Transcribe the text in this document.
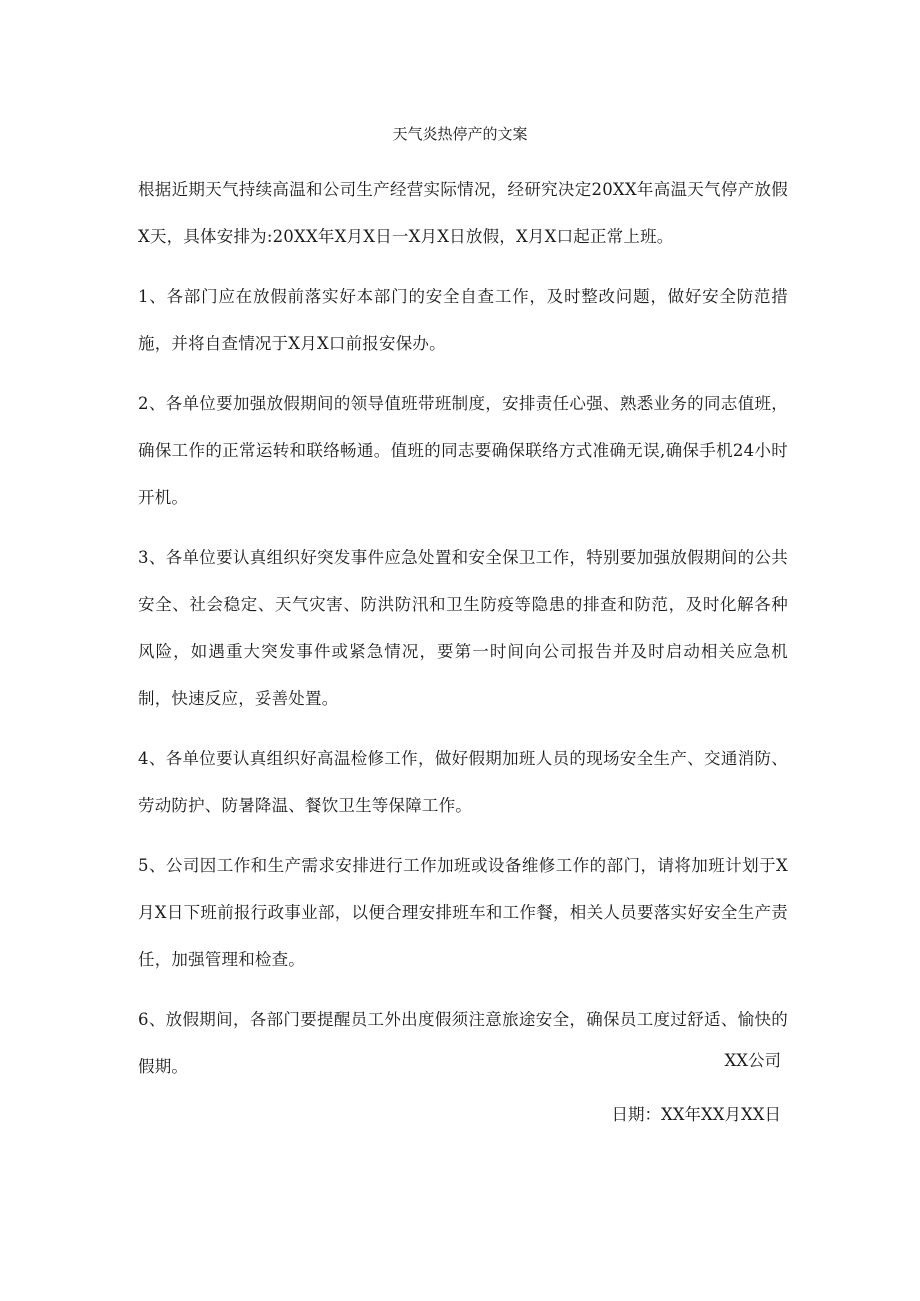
天气炎热停产的文案

根据近期天气持续高温和公司生产经营实际情况，经研究决定20XX年高温天气停产放假X天，具体安排为:20XX年X月X日一X月X日放假，X月X口起正常上班。

1、各部门应在放假前落实好本部门的安全自查工作，及时整改问题，做好安全防范措施，并将自查情况于X月X口前报安保办。

2、各单位要加强放假期间的领导值班带班制度，安排责任心强、熟悉业务的同志值班，确保工作的正常运转和联络畅通。值班的同志要确保联络方式准确无误,确保手机24小时开机。

3、各单位要认真组织好突发事件应急处置和安全保卫工作，特别要加强放假期间的公共安全、社会稳定、天气灾害、防洪防汛和卫生防疫等隐患的排查和防范，及时化解各种风险，如遇重大突发事件或紧急情况，要第一时间向公司报告并及时启动相关应急机制，快速反应，妥善处置。

4、各单位要认真组织好高温检修工作，做好假期加班人员的现场安全生产、交通消防、劳动防护、防暑降温、餐饮卫生等保障工作。

5、公司因工作和生产需求安排进行工作加班或设备维修工作的部门，请将加班计划于X月X日下班前报行政事业部，以便合理安排班车和工作餐，相关人员要落实好安全生产责任，加强管理和检查。

6、放假期间，各部门要提醒员工外出度假须注意旅途安全，确保员工度过舒适、愉快的假期。	XX公司
日期：XX年XX月XX日
